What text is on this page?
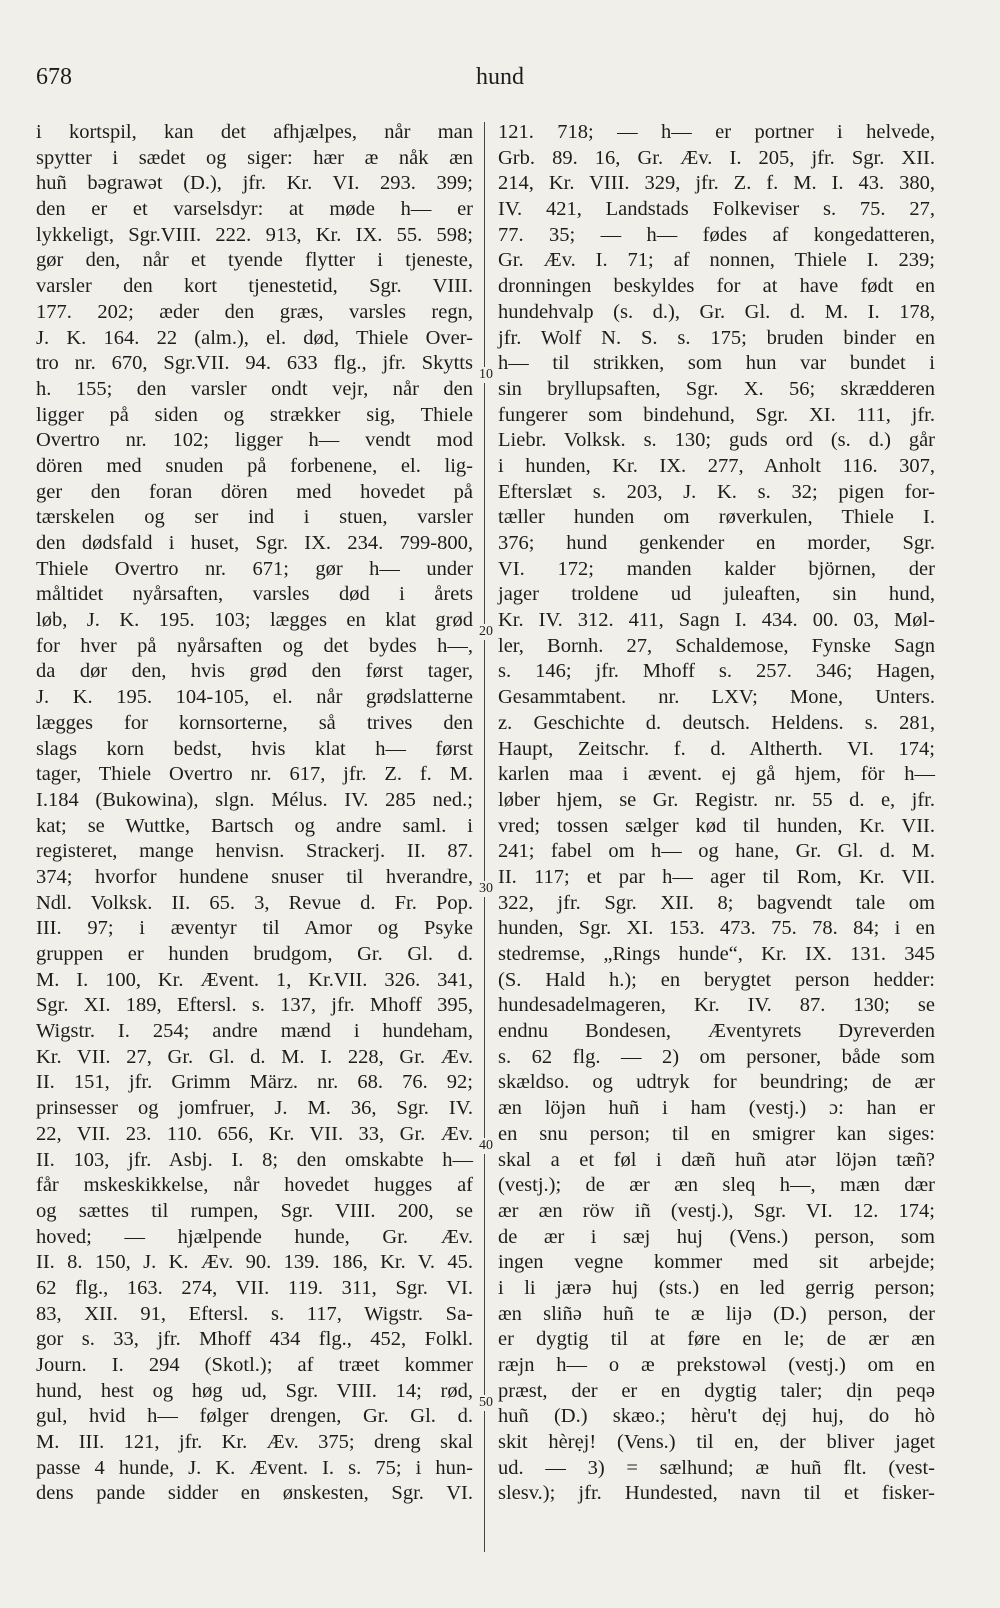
678	hund
i kortspil, kan det afhjælpes, når man
spytter i sædet og siger: hær æ nåk æn
huñ bəgrawət (D.), jfr. Kr. VI. 293. 399;
den er et varselsdyr: at møde h— er
lykkeligt, Sgr.VIII. 222. 913, Kr. IX. 55. 598;
gør den, når et tyende flytter i tjeneste,
varsler den kort tjenestetid, Sgr. VIII.
177. 202; æder den græs, varsles regn,
J. K. 164. 22 (alm.), el. død, Thiele Over-
tro nr. 670, Sgr.VII. 94. 633 flg., jfr. Skytts
h. 155; den varsler ondt vejr, når den
ligger på siden og strækker sig, Thiele
Overtro nr. 102; ligger h— vendt mod
dören med snuden på forbenene, el. lig-
ger den foran dören med hovedet på
tærskelen og ser ind i stuen, varsler
den dødsfald i huset, Sgr. IX. 234. 799-800,
Thiele Overtro nr. 671; gør h— under
måltidet nyårsaften, varsles død i årets
løb, J. K. 195. 103; lægges en klat grød
for hver på nyårsaften og det bydes h—,
da dør den, hvis grød den først tager,
J. K. 195. 104-105, el. når grødslatterne
lægges for kornsorterne, så trives den
slags korn bedst, hvis klat h— først
tager, Thiele Overtro nr. 617, jfr. Z. f. M.
I.184 (Bukowina), slgn. Mélus. IV. 285 ned.;
kat; se Wuttke, Bartsch og andre saml. i
registeret, mange henvisn. Strackerj. II. 87.
374; hvorfor hundene snuser til hverandre,
Ndl. Volksk. II. 65. 3, Revue d. Fr. Pop.
III. 97; i æventyr til Amor og Psyke
gruppen er hunden brudgom, Gr. Gl. d.
M. I. 100, Kr. Ævent. 1, Kr.VII. 326. 341,
Sgr. XI. 189, Eftersl. s. 137, jfr. Mhoff 395,
Wigstr. I. 254; andre mænd i hundeham,
Kr. VII. 27, Gr. Gl. d. M. I. 228, Gr. Æv.
II. 151, jfr. Grimm März. nr. 68. 76. 92;
prinsesser og jomfruer, J. M. 36, Sgr. IV.
22, VII. 23. 110. 656, Kr. VII. 33, Gr. Æv.
II. 103, jfr. Asbj. I. 8; den omskabte h—
får mskeskikkelse, når hovedet hugges af
og sættes til rumpen, Sgr. VIII. 200, se
hoved; — hjælpende hunde, Gr. Æv.
II. 8. 150, J. K. Æv. 90. 139. 186, Kr. V. 45.
62 flg., 163. 274, VII. 119. 311, Sgr. VI.
83, XII. 91, Eftersl. s. 117, Wigstr. Sa-
gor s. 33, jfr. Mhoff 434 flg., 452, Folkl.
Journ. I. 294 (Skotl.); af træet kommer
hund, hest og høg ud, Sgr. VIII. 14; rød,
gul, hvid h— følger drengen, Gr. Gl. d.
M. III. 121, jfr. Kr. Æv. 375; dreng skal
passe 4 hunde, J. K. Ævent. I. s. 75; i hun-
dens pande sidder en ønskesten, Sgr. VI.
121. 718; — h— er portner i helvede,
Grb. 89. 16, Gr. Æv. I. 205, jfr. Sgr. XII.
214, Kr. VIII. 329, jfr. Z. f. M. I. 43. 380,
IV. 421, Landstads Folkeviser s. 75. 27,
77. 35; — h— fødes af kongedatteren,
Gr. Æv. I. 71; af nonnen, Thiele I. 239;
dronningen beskyldes for at have født en
hundehvalp (s. d.), Gr. Gl. d. M. I. 178,
jfr. Wolf N. S. s. 175; bruden binder en
h— til strikken, som hun var bundet i
sin bryllupsaften, Sgr. X. 56; skrædderen
fungerer som bindehund, Sgr. XI. 111, jfr.
Liebr. Volksk. s. 130; guds ord (s. d.) går
i hunden, Kr. IX. 277, Anholt 116. 307,
Efterslæt s. 203, J. K. s. 32; pigen for-
tæller hunden om røverkulen, Thiele I.
376; hund genkender en morder, Sgr.
VI. 172; manden kalder björnen, der
jager troldene ud juleaften, sin hund,
Kr. IV. 312. 411, Sagn I. 434. 00. 03, Møl-
ler, Bornh. 27, Schaldemose, Fynske Sagn
s. 146; jfr. Mhoff s. 257. 346; Hagen,
Gesammtabent. nr. LXV; Mone, Unters.
z. Geschichte d. deutsch. Heldens. s. 281,
Haupt, Zeitschr. f. d. Altherth. VI. 174;
karlen maa i ævent. ej gå hjem, för h—
løber hjem, se Gr. Registr. nr. 55 d. e, jfr.
vred; tossen sælger kød til hunden, Kr. VII.
241; fabel om h— og hane, Gr. Gl. d. M.
II. 117; et par h— ager til Rom, Kr. VII.
322, jfr. Sgr. XII. 8; bagvendt tale om
hunden, Sgr. XI. 153. 473. 75. 78. 84; i en
stedremse, „Rings hunde“, Kr. IX. 131. 345
(S. Hald h.); en berygtet person hedder:
hundesadelmageren, Kr. IV. 87. 130; se
endnu Bondesen, Æventyrets Dyreverden
s. 62 flg. — 2) om personer, både som
skældso. og udtryk for beundring; de ær
æn löjən huñ i ham (vestj.) ɔ: han er
en snu person; til en smigrer kan siges:
skal a et føl i dæñ huñ atər löjən tæñ?
(vestj.); de ær æn sleq h—, mæn dær
ær æn röw iñ (vestj.), Sgr. VI. 12. 174;
de ær i sæj huj (Vens.) person, som
ingen vegne kommer med sit arbejde;
i li jærə huj (sts.) en led gerrig person;
æn sliñə huñ te æ lijə (D.) person, der
er dygtig til at føre en le; de ær æn
ræjn h— o æ prekstowəl (vestj.) om en
præst, der er en dygtig taler; dịn peqə
huñ (D.) skæo.; hèru't dẹj huj, do hò
skit hèrẹj! (Vens.) til en, der bliver jaget
ud. — 3) = sælhund; æ huñ flt. (vest-
slesv.); jfr. Hundested, navn til et fisker-
10
20
30
40
50
